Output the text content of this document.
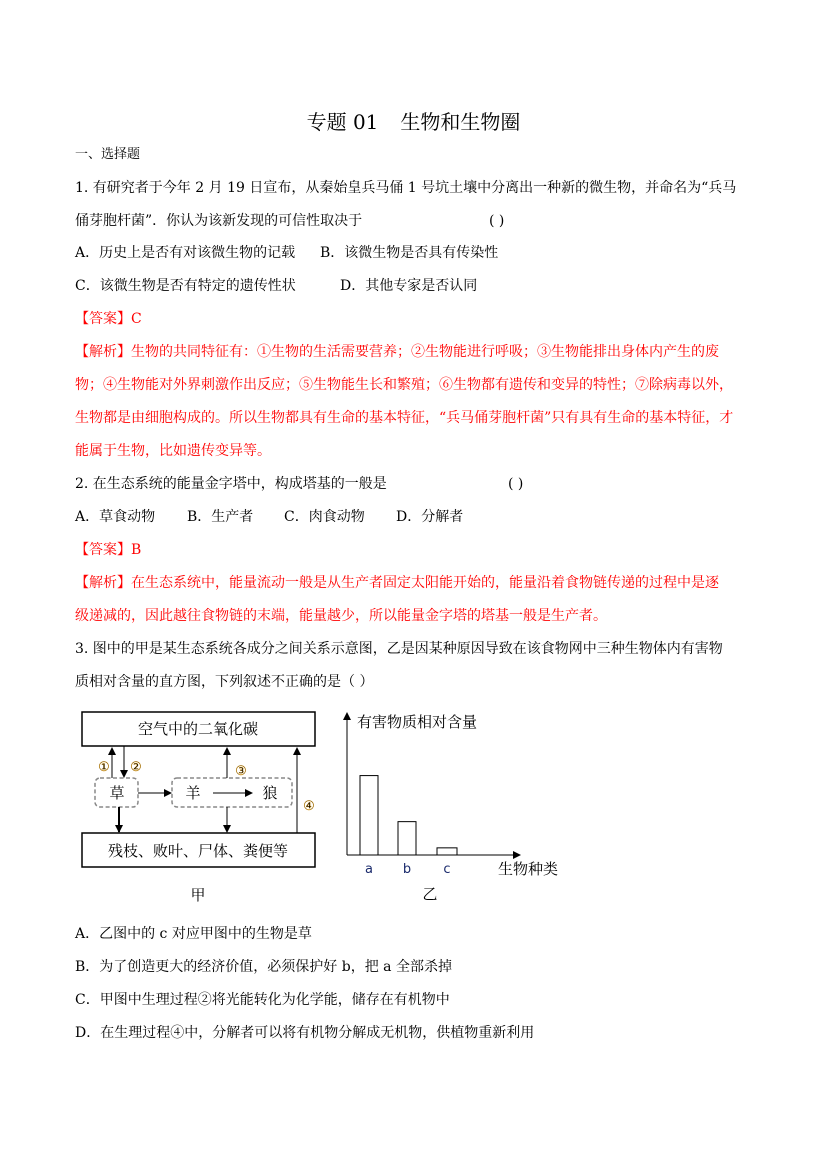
专题 01 生物和生物圈
一、选择题
1. 有研究者于今年 2 月 19 日宣布，从秦始皇兵马俑 1 号坑土壤中分离出一种新的微生物，并命名为“兵马
俑芽胞杆菌”．你认为该新发现的可信性取决于	( )
A．历史上是否有对该微生物的记载 B．该微生物是否具有传染性
C．该微生物是否有特定的遗传性状	D．其他专家是否认同
【答案】C
【解析】生物的共同特征有：①生物的生活需要营养；②生物能进行呼吸；③生物能排出身体内产生的废
物；④生物能对外界刺激作出反应；⑤生物能生长和繁殖；⑥生物都有遗传和变异的特性；⑦除病毒以外，
生物都是由细胞构成的。所以生物都具有生命的基本特征，“兵马俑芽胞杆菌”只有具有生命的基本特征，才
能属于生物，比如遗传变异等。
2. 在生态系统的能量金字塔中，构成塔基的一般是	( )
A．草食动物 B．生产者 C．肉食动物 D．分解者
【答案】B
【解析】在生态系统中，能量流动一般是从生产者固定太阳能开始的，能量沿着食物链传递的过程中是逐
级递减的，因此越往食物链的末端，能量越少，所以能量金字塔的塔基一般是生产者。
3. 图中的甲是某生态系统各成分之间关系示意图，乙是因某种原因导致在该食物网中三种生物体内有害物
质相对含量的直方图，下列叙述不正确的是（ ）
空气中的二氧化碳
残枝、败叶、尸体、粪便等
草	羊	狼
① ②	③
④
甲
有害物质相对含量
生物种类
a b c
乙
A．乙图中的 c 对应甲图中的生物是草
B．为了创造更大的经济价值，必须保护好 b，把 a 全部杀掉
C．甲图中生理过程②将光能转化为化学能，储存在有机物中
D．在生理过程④中，分解者可以将有机物分解成无机物，供植物重新利用
